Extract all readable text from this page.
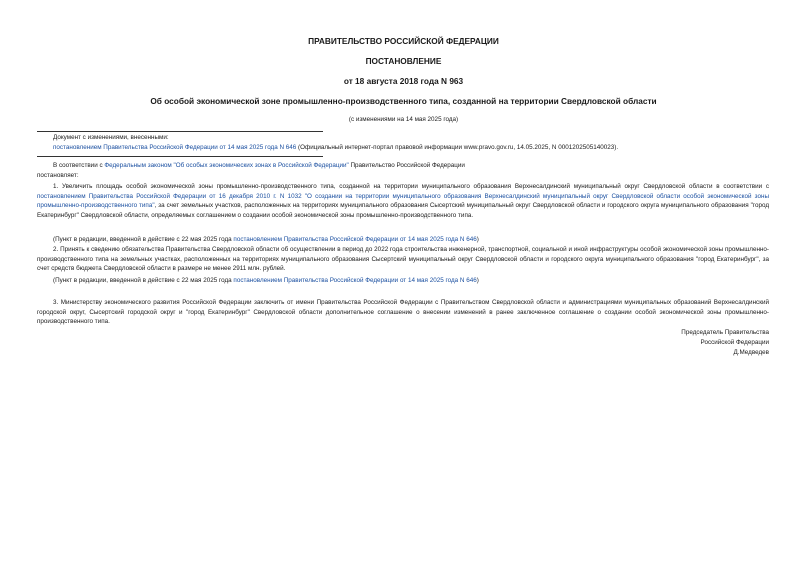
ПРАВИТЕЛЬСТВО РОССИЙСКОЙ ФЕДЕРАЦИИ
ПОСТАНОВЛЕНИЕ
от 18 августа 2018 года N 963
Об особой экономической зоне промышленно-производственного типа, созданной на территории Свердловской области
(с изменениями на 14 мая 2025 года)
Документ с изменениями, внесенными:
постановлением Правительства Российской Федерации от 14 мая 2025 года N 646 (Официальный интернет-портал правовой информации www.pravo.gov.ru, 14.05.2025, N 0001202505140023).
В соответствии с Федеральным законом "Об особых экономических зонах в Российской Федерации" Правительство Российской Федерации
постановляет:
1. Увеличить площадь особой экономической зоны промышленно-производственного типа, созданной на территории муниципального образования Верхнесалдинский муниципальный округ Свердловской области в соответствии с постановлением Правительства Российской Федерации от 16 декабря 2010 г. N 1032 "О создании на территории муниципального образования Верхнесалдинский муниципальный округ Свердловской области особой экономической зоны промышленно-производственного типа", за счет земельных участков, расположенных на территориях муниципального образования Сысертский муниципальный округ Свердловской области и городского округа муниципального образования "город Екатеринбург" Свердловской области, определяемых соглашением о создании особой экономической зоны промышленно-производственного типа.
(Пункт в редакции, введенной в действие с 22 мая 2025 года постановлением Правительства Российской Федерации от 14 мая 2025 года N 646)
2. Принять к сведению обязательства Правительства Свердловской области об осуществлении в период до 2022 года строительства инженерной, транспортной, социальной и иной инфраструктуры особой экономической зоны промышленно-производственного типа на земельных участках, расположенных на территориях муниципального образования Сысертский муниципальный округ Свердловской области и городского округа муниципального образования "город Екатеринбург", за счет средств бюджета Свердловской области в размере не менее 2911 млн. рублей.
(Пункт в редакции, введенной в действие с 22 мая 2025 года постановлением Правительства Российской Федерации от 14 мая 2025 года N 646)
3. Министерству экономического развития Российской Федерации заключить от имени Правительства Российской Федерации с Правительством Свердловской области и администрациями муниципальных образований Верхнесалдинский городской округ, Сысертский городской округ и "город Екатеринбург" Свердловской области дополнительное соглашение о внесении изменений в ранее заключенное соглашение о создании особой экономической зоны промышленно-производственного типа.
Председатель Правительства
Российской Федерации
Д.Медведев
